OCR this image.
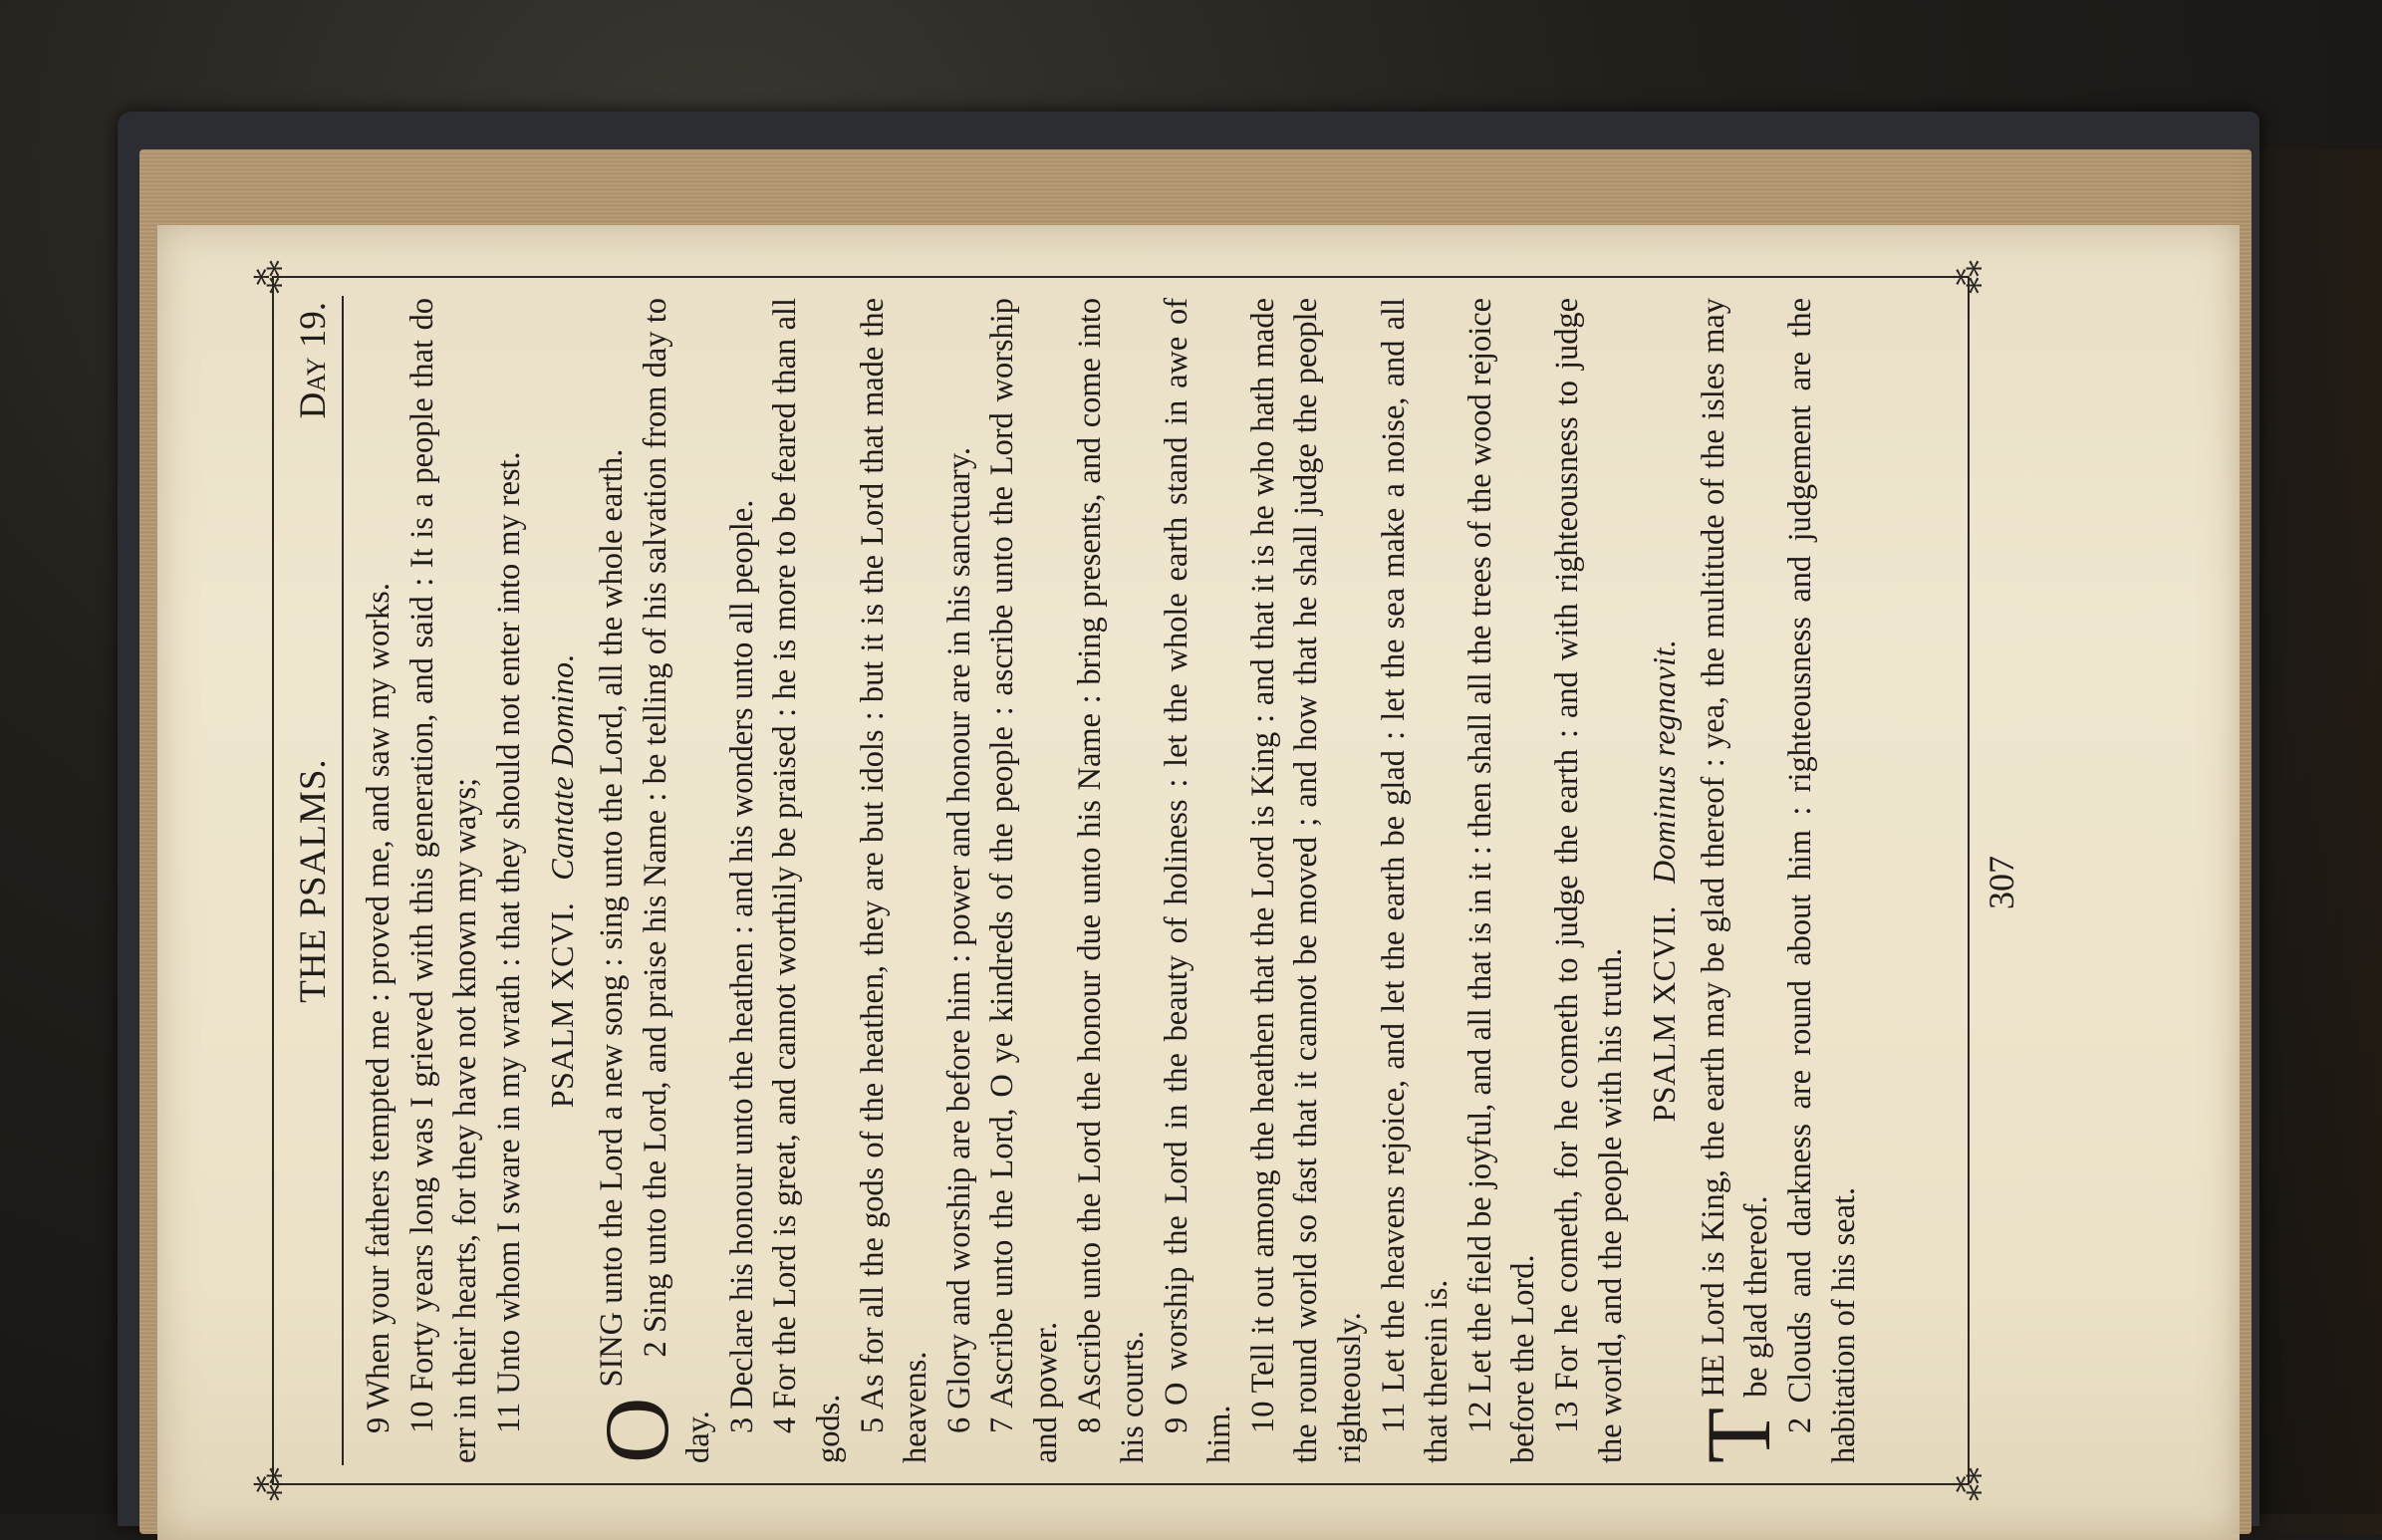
⁂
⁂
⁂
⁂
THE PSALMS.
Day 19.

9 When your fathers tempted me : proved me, and saw my works. 10 Forty years long was I grieved with this generation, and said : It is a people that do err in their hearts, for they have not known my ways; 11 Unto whom I sware in my wrath : that they should not enter into my rest. PSALM XCVI.Cantate Domino.

O
SING unto the Lord a new song : sing unto the Lord, all the whole earth. 2 Sing unto the Lord, and praise his Name : be telling of his salvation from day to day.

3 Declare his honour unto the heathen : and his wonders unto all people. 4 For the Lord is great, and cannot worthily be praised : he is more to be feared than all gods. 5 As for all the gods of the heathen, they are but idols : but it is the Lord that made the heavens. 6 Glory and worship are before him : power and honour are in his sanctuary. 7 Ascribe unto the Lord, O ye kindreds of the people : ascribe unto the Lord worship and power. 8 Ascribe unto the Lord the honour due unto his Name : bring presents, and come into his courts. 9 O worship the Lord in the beauty of holiness : let the whole earth stand in awe of him.

10 Tell it out among the heathen that the Lord is King : and that it is he who hath made the round world so fast that it cannot be moved ; and how that he shall judge the people righteously. 11 Let the heavens rejoice, and let the earth be glad : let the sea make a noise, and all that therein is. 12 Let the field be joyful, and all that is in it : then shall all the trees of the wood rejoice before the Lord. 13 For he cometh, for he cometh to judge the earth : and with righteousness to judge the world, and the people with his truth. PSALM XCVII.Dominus regnavit.

T
HE Lord is King, the earth may be glad thereof : yea, the multitude of the isles may be glad thereof. 2 Clouds and darkness are round about him : righteousness and judgement are the habitation of his seat.

307
